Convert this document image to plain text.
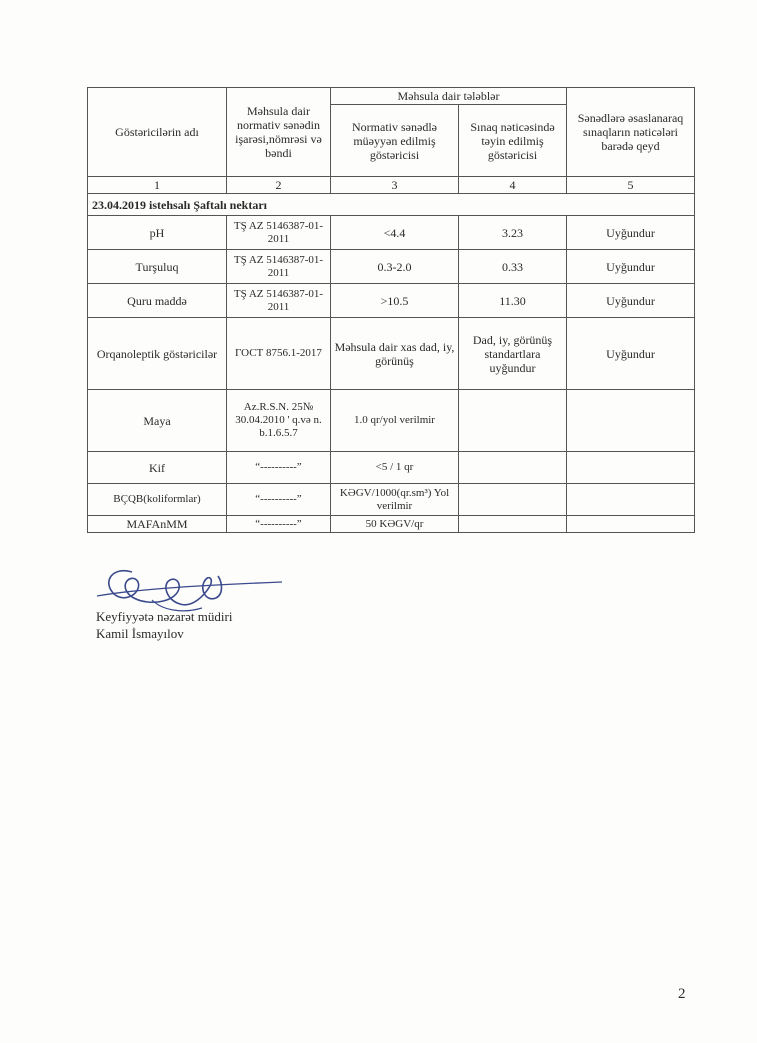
Göstəricilərin adı	Məhsula dair normativ sənədin işarəsi,nömrəsi və bəndi	Məhsula dair tələblər		Sənədlərə əsaslanaraq sınaqların nəticələri barədə qeyd
		Normativ sənədlə müəyyən edilmiş göstəricisi	Sınaq nəticəsində təyin edilmiş göstəricisi	
1	2	3	4	5
23.04.2019 istehsalı Şaftalı nektarı				
pH	TŞ AZ 5146387-01-2011	<4.4	3.23	Uyğundur
Turşuluq	TŞ AZ 5146387-01-2011	0.3-2.0	0.33	Uyğundur
Quru maddə	TŞ AZ 5146387-01-2011	>10.5	11.30	Uyğundur
Orqanoleptik göstəricilər	ГОСТ 8756.1-2017	Məhsula dair xas dad, iy, görünüş	Dad, iy, görünüş standartlara uyğundur	Uyğundur
Maya	Az.R.S.N. 25№ 30.04.2010 ' q.və n. b.1.6.5.7	1.0 qr/yol verilmir		
Kif	“----------”	<5 / 1 qr		
BÇQB(koliformlar)	“----------”	KƏGV/1000(qr.sm³) Yol verilmir		
MAFAnMM	“----------”	50 KƏGV/qr		
Keyfiyyətə nəzarət müdiri
Kamil İsmayılov
2
